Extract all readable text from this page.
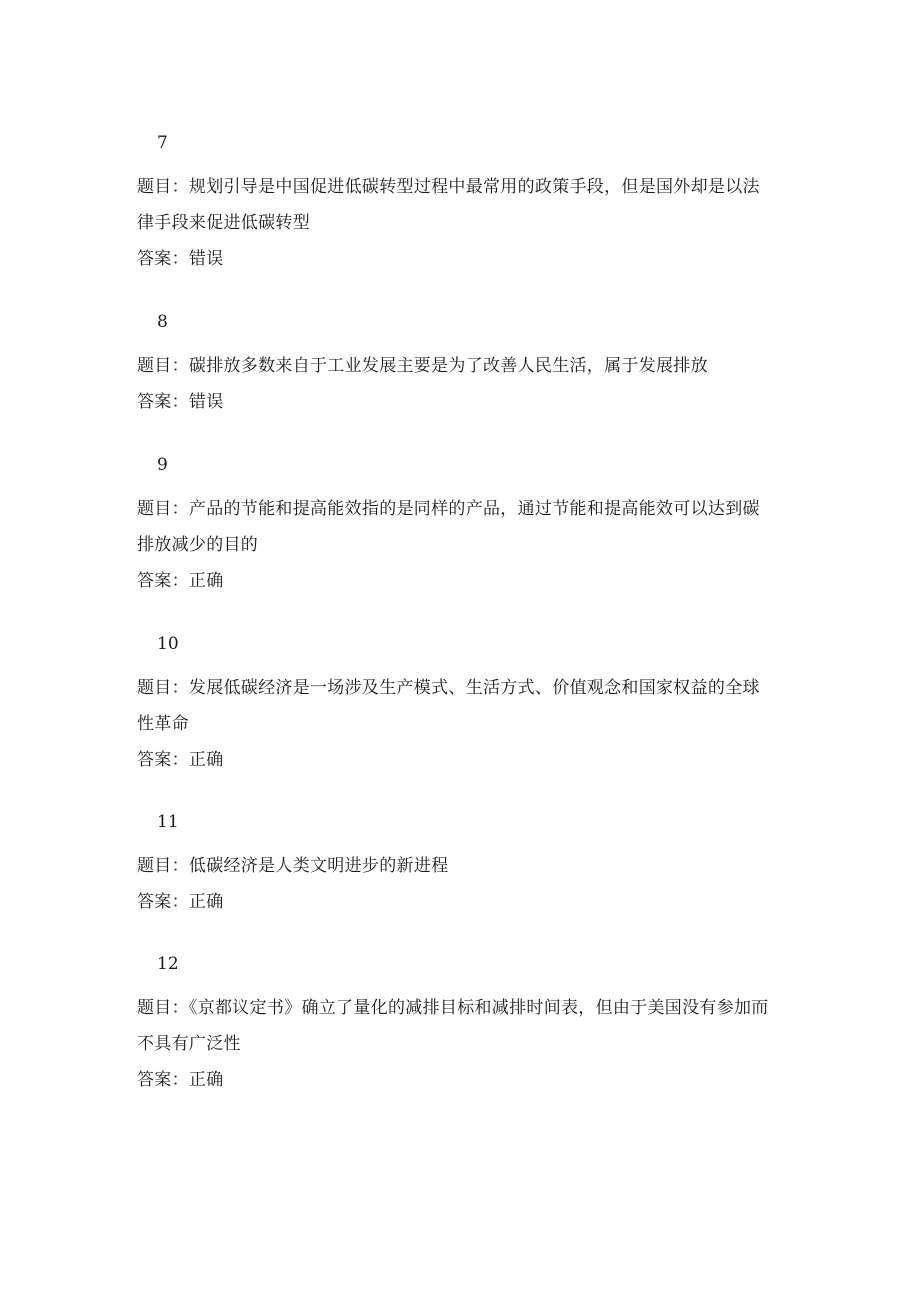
7
题目：规划引导是中国促进低碳转型过程中最常用的政策手段，但是国外却是以法律手段来促进低碳转型
答案：错误
8
题目：碳排放多数来自于工业发展主要是为了改善人民生活，属于发展排放
答案：错误
9
题目：产品的节能和提高能效指的是同样的产品，通过节能和提高能效可以达到碳排放减少的目的
答案：正确
10
题目：发展低碳经济是一场涉及生产模式、生活方式、价值观念和国家权益的全球性革命
答案：正确
11
题目：低碳经济是人类文明进步的新进程
答案：正确
12
题目：《京都议定书》确立了量化的减排目标和减排时间表，但由于美国没有参加而不具有广泛性
答案：正确
